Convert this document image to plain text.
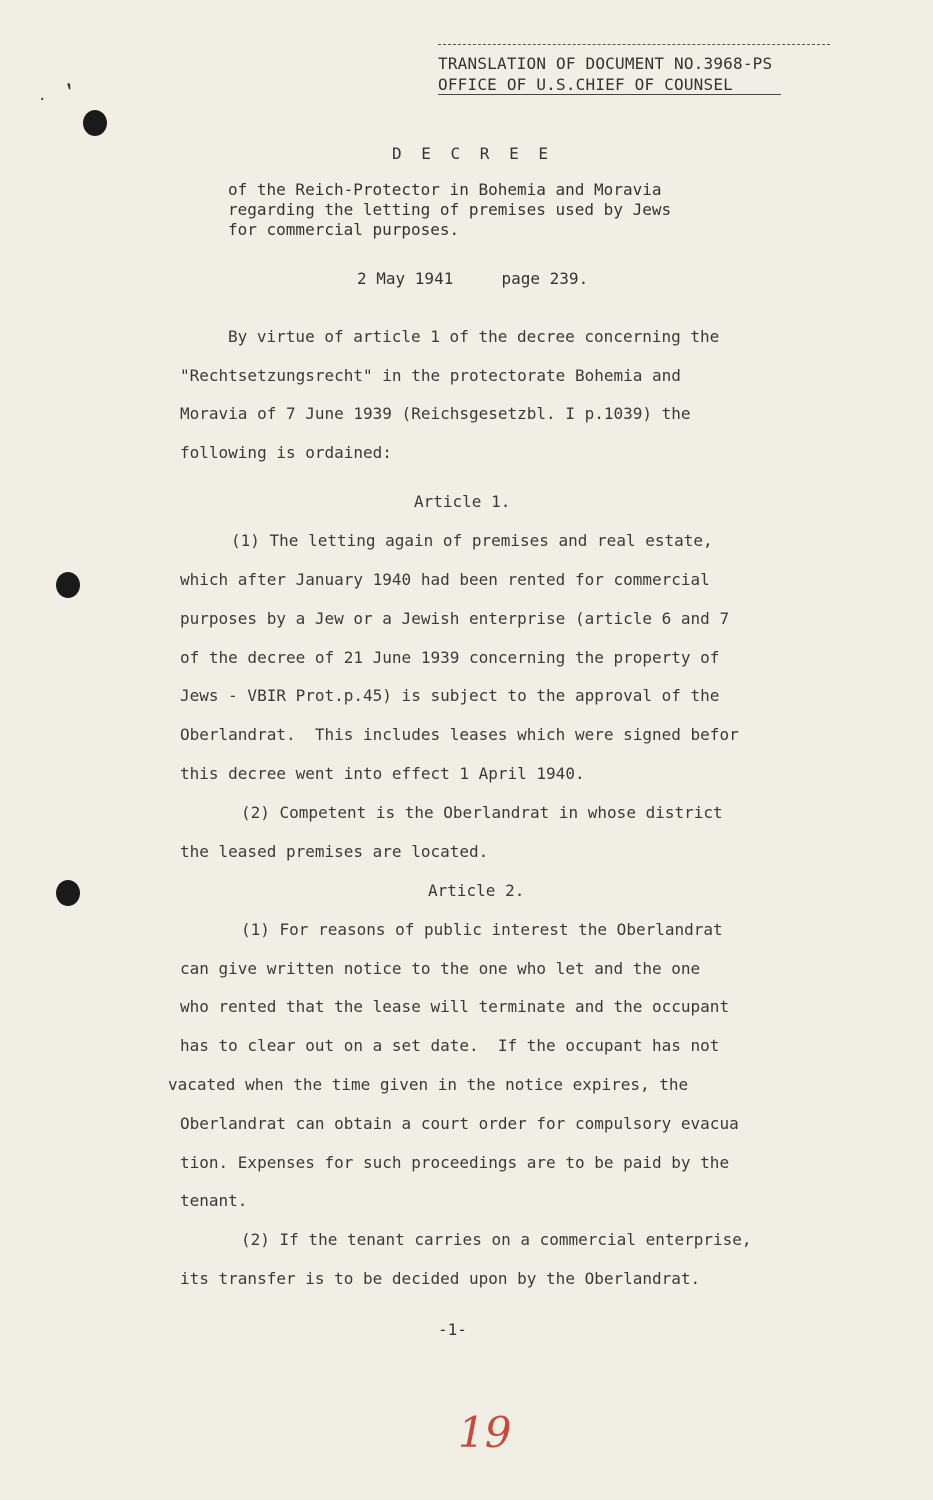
,
·
TRANSLATION OF DOCUMENT NO.3968-PS
OFFICE OF U.S.CHIEF OF COUNSEL
D E C R E E
of the Reich-Protector in Bohemia and Moravia
regarding the letting of premises used by Jews
for commercial purposes.
2 May 1941	page 239.
By virtue of article 1 of the decree concerning the
"Rechtsetzungsrecht" in the protectorate Bohemia and
Moravia of 7 June 1939 (Reichsgesetzbl. I p.1039) the
following is ordained:
Article 1.
(1) The letting again of premises and real estate,
which after January 1940 had been rented for commercial
purposes by a Jew or a Jewish enterprise (article 6 and 7
of the decree of 21 June 1939 concerning the property of
Jews - VBIR Prot.p.45) is subject to the approval of the
Oberlandrat.  This includes leases which were signed befor
this decree went into effect 1 April 1940.
(2) Competent is the Oberlandrat in whose district
the leased premises are located.
Article 2.
(1) For reasons of public interest the Oberlandrat
can give written notice to the one who let and the one
who rented that the lease will terminate and the occupant
has to clear out on a set date.  If the occupant has not
vacated when the time given in the notice expires, the
Oberlandrat can obtain a court order for compulsory evacua
tion. Expenses for such proceedings are to be paid by the
tenant.
(2) If the tenant carries on a commercial enterprise,
its transfer is to be decided upon by the Oberlandrat.
-1-
19
